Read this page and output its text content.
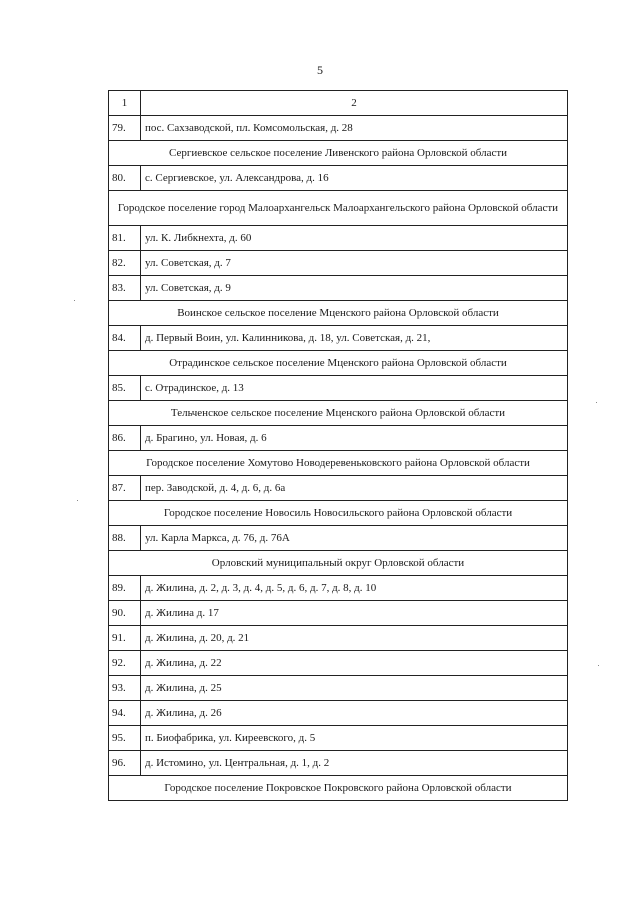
5
1	2
79.	пос. Сахзаводской, пл. Комсомольская, д. 28
Сергиевское сельское поселение Ливенского района Орловской области	
80.	с. Сергиевское, ул. Александрова, д. 16
Городское поселение город Малоархангельск Малоархангельского района Орловской области	
81.	ул. К. Либкнехта, д. 60
82.	ул. Советская, д. 7
83.	ул. Советская, д. 9
Воинское сельское поселение Мценского района Орловской области	
84.	д. Первый Воин, ул. Калинникова, д. 18, ул. Советская, д. 21,
Отрадинское сельское поселение Мценского района Орловской области	
85.	с. Отрадинское, д. 13
Тельченское сельское поселение Мценского района Орловской области	
86.	д. Брагино, ул. Новая, д. 6
Городское поселение Хомутово Новодеревеньковского района Орловской области	
87.	пер. Заводской, д. 4, д. 6, д. 6а
Городское поселение Новосиль Новосильского района Орловской области	
88.	ул. Карла Маркса, д. 76, д. 76А
Орловский муниципальный округ Орловской области	
89.	д. Жилина, д. 2, д. 3, д. 4, д. 5, д. 6, д. 7, д. 8, д. 10
90.	д. Жилина д. 17
91.	д. Жилина, д. 20, д. 21
92.	д. Жилина, д. 22
93.	д. Жилина, д. 25
94.	д. Жилина, д. 26
95.	п. Биофабрика, ул. Киреевского, д. 5
96.	д. Истомино, ул. Центральная, д. 1, д. 2
Городское поселение Покровское Покровского района Орловской области	
